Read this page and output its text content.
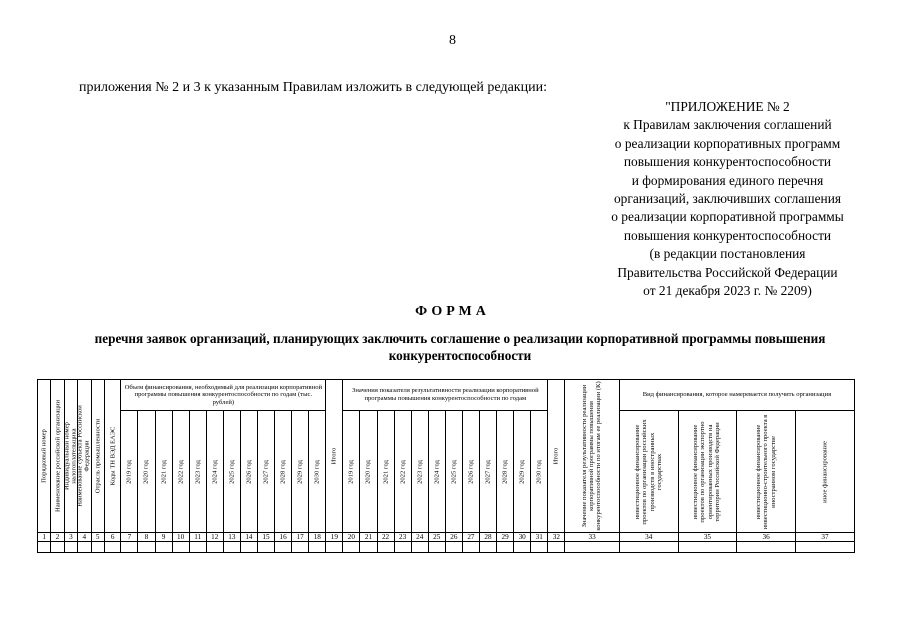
8
приложения № 2 и 3 к указанным Правилам изложить в следующей редакции:
"ПРИЛОЖЕНИЕ № 2
к Правилам заключения соглашений
о реализации корпоративных программ
повышения конкурентоспособности
и формирования единого перечня
организаций, заключивших соглашения
о реализации корпоративной программы
повышения конкурентоспособности
(в редакции постановления
Правительства Российской Федерации
от 21 декабря 2023 г. № 2209)
ФОРМА
перечня заявок организаций, планирующих заключить соглашение о реализации корпоративной программы повышения конкурентоспособности
Порядковый номер	Наименование российской организации	Индивидуальный номер налогоплательщика	Наименование субъекта Российской Федерации	Отрасль промышленности	Коды ТН ВЭД ЕАЭС	Объем финансирования, необходимый для реализации корпоративной программы повышения конкурентоспособности по годам (тыс. рублей)												Итого	Значения показателя результативности реализации корпоративной программы повышения конкурентоспособности по годам												Итого	Значение показателя результативности реализации корпоративной программы повышения конкурентоспособности по итогам ее реализации (К)	Вид финансирования, которое намеревается получить организация			

						2019 год	2020 год	2021 год	2022 год	2023 год	2024 год	2025 год	2026 год	2027 год	2028 год	2029 год	2030 год		2019 год	2020 год	2021 год	2022 год	2023 год	2024 год	2025 год	2026 год	2027 год	2028 год	2029 год	2030 год			инвестиционное финансирование проектов по организации российских производств в иностранных государствах	инвестиционное финансирование проектов по организации экспортно ориентированных производств на территории Российской Федерации	инвестиционное финансирование инвестиционно-строительного проекта в иностранном государстве	иное финансирование

1	2	3	4	5	6	7	8	9	10	11	12	13	14	15	16	17	18	19	20	21	22	23	24	25	26	27	28	29	30	31	32	33	34	35	36	37
